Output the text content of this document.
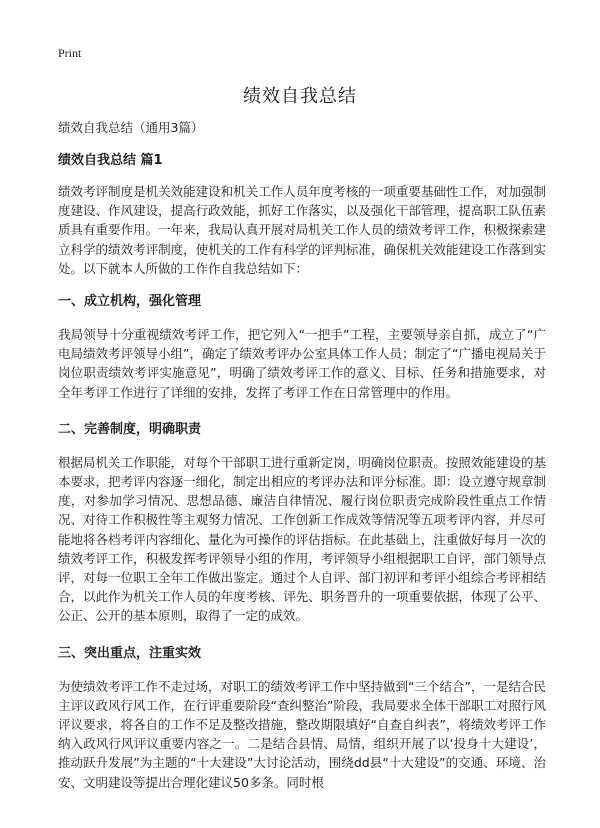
Print
绩效自我总结
绩效自我总结（通用3篇）
绩效自我总结 篇1

绩效考评制度是机关效能建设和机关工作人员年度考核的一项重要基础性工作，对加强制度建设、作风建设，提高行政效能，抓好工作落实，以及强化干部管理，提高职工队伍素质具有重要作用。一年来，我局认真开展对局机关工作人员的绩效考评工作，积极探索建立科学的绩效考评制度，使机关的工作有科学的评判标准，确保机关效能建设工作落到实处。以下就本人所做的工作作自我总结如下：

一、成立机构，强化管理

我局领导十分重视绩效考评工作，把它列入“一把手”工程，主要领导亲自抓，成立了“广电局绩效考评领导小组”，确定了绩效考评办公室具体工作人员；制定了“广播电视局关于岗位职责绩效考评实施意见”，明确了绩效考评工作的意义、目标、任务和措施要求，对全年考评工作进行了详细的安排，发挥了考评工作在日常管理中的作用。

二、完善制度，明确职责

根据局机关工作职能，对每个干部职工进行重新定岗，明确岗位职责。按照效能建设的基本要求，把考评内容逐一细化，制定出相应的考评办法和评分标准。即：设立遵守规章制度，对参加学习情况、思想品德、廉洁自律情况、履行岗位职责完成阶段性重点工作情况、对待工作积极性等主观努力情况、工作创新工作成效等情况等五项考评内容，并尽可能地将各档考评内容细化、量化为可操作的评估指标。在此基础上，注重做好每月一次的绩效考评工作，积极发挥考评领导小组的作用，考评领导小组根据职工自评，部门领导点评，对每一位职工全年工作做出鉴定。通过个人自评、部门初评和考评小组综合考评相结合，以此作为机关工作人员的年度考核、评先、职务晋升的一项重要依据，体现了公平、公正、公开的基本原则，取得了一定的成效。

三、突出重点，注重实效

为使绩效考评工作不走过场，对职工的绩效考评工作中坚持做到“三个结合”，一是结合民主评议政风行风工作，在行评重要阶段“查纠整治”阶段，我局要求全体干部职工对照行风评议要求，将各自的工作不足及整改措施，整改期限填好“自查自纠表”，将绩效考评工作纳入政风行风评议重要内容之一。二是结合县情、局情，组织开展了以‘投身十大建设’，推动跃升发展”为主题的“十大建设”大讨论活动，围绕dd县“十大建设”的交通、环境、治安、文明建设等提出合理化建议50多条。同时根
